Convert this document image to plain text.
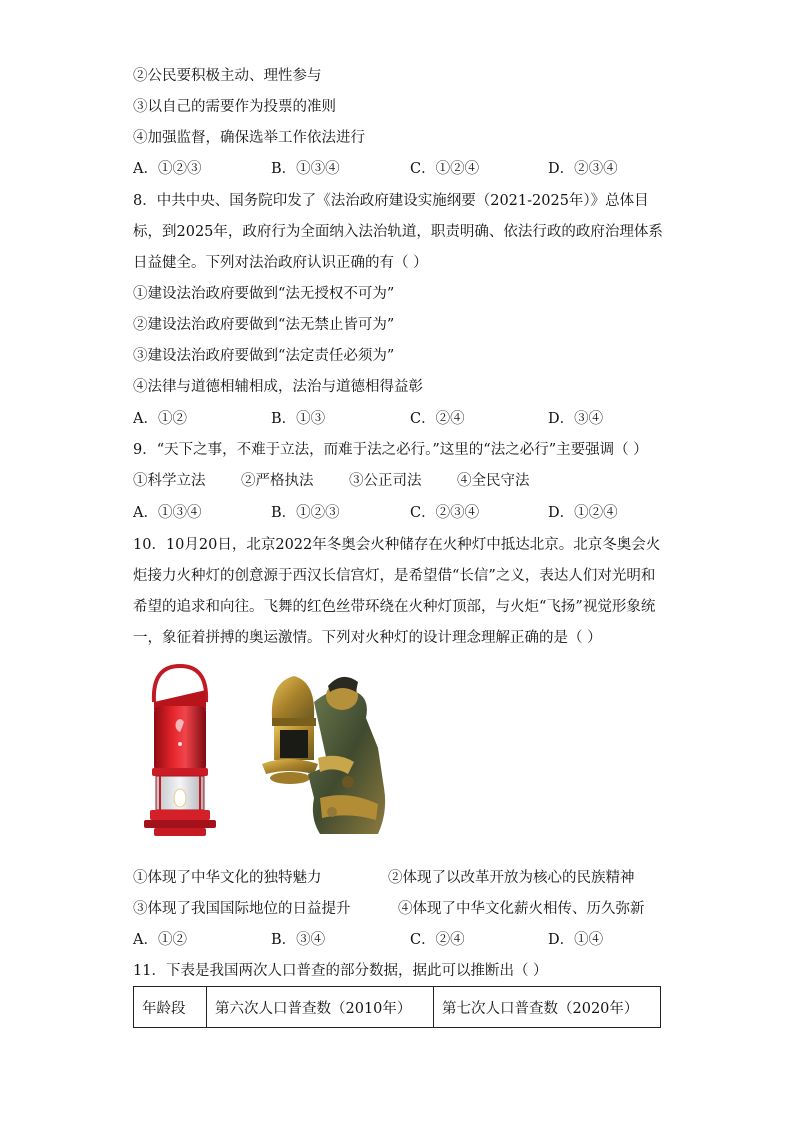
②公民要积极主动、理性参与
③以自己的需要作为投票的准则
④加强监督，确保选举工作依法进行
A．①②③	B．①③④	C．①②④	D．②③④
8．中共中央、国务院印发了《法治政府建设实施纲要（2021-2025年）》总体目标，到2025年，政府行为全面纳入法治轨道，职责明确、依法行政的政府治理体系日益健全。下列对法治政府认识正确的有（ ）
①建设法治政府要做到“法无授权不可为”
②建设法治政府要做到“法无禁止皆可为”
③建设法治政府要做到“法定责任必须为”
④法律与道德相辅相成，法治与道德相得益彰
A．①②	B．①③	C．②④	D．③④
9．“天下之事，不难于立法，而难于法之必行。”这里的“法之必行”主要强调（ ）
①科学立法 ②严格执法 ③公正司法 ④全民守法
A．①③④	B．①②③	C．②③④	D．①②④
10．10月20日，北京2022年冬奥会火种储存在火种灯中抵达北京。北京冬奥会火炬接力火种灯的创意源于西汉长信宫灯，是希望借“长信”之义，表达人们对光明和希望的追求和向往。飞舞的红色丝带环绕在火种灯顶部，与火炬“飞扬”视觉形象统一，象征着拼搏的奥运激情。下列对火种灯的设计理念理解正确的是（ ）
①体现了中华文化的独特魅力	②体现了以改革开放为核心的民族精神
③体现了我国国际地位的日益提升	④体现了中华文化薪火相传、历久弥新
A．①②	B．③④	C．②④	D．①④
11．下表是我国两次人口普查的部分数据，据此可以推断出（ ）
年龄段	第六次人口普查数（2010年）	第七次人口普查数（2020年）
